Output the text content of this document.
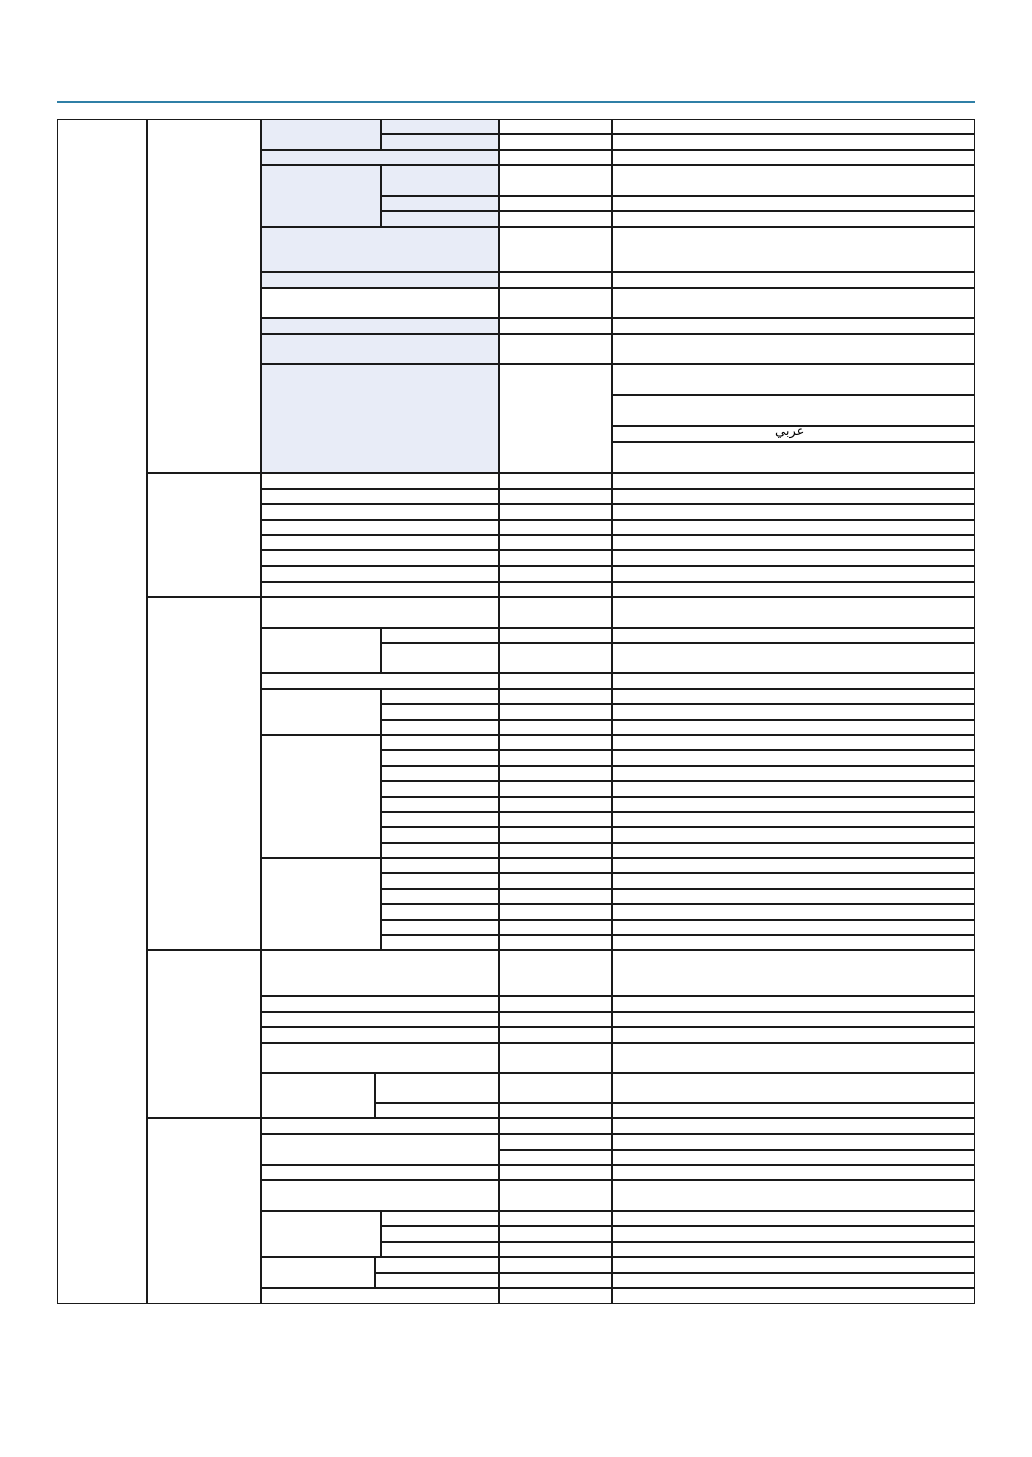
عربي
